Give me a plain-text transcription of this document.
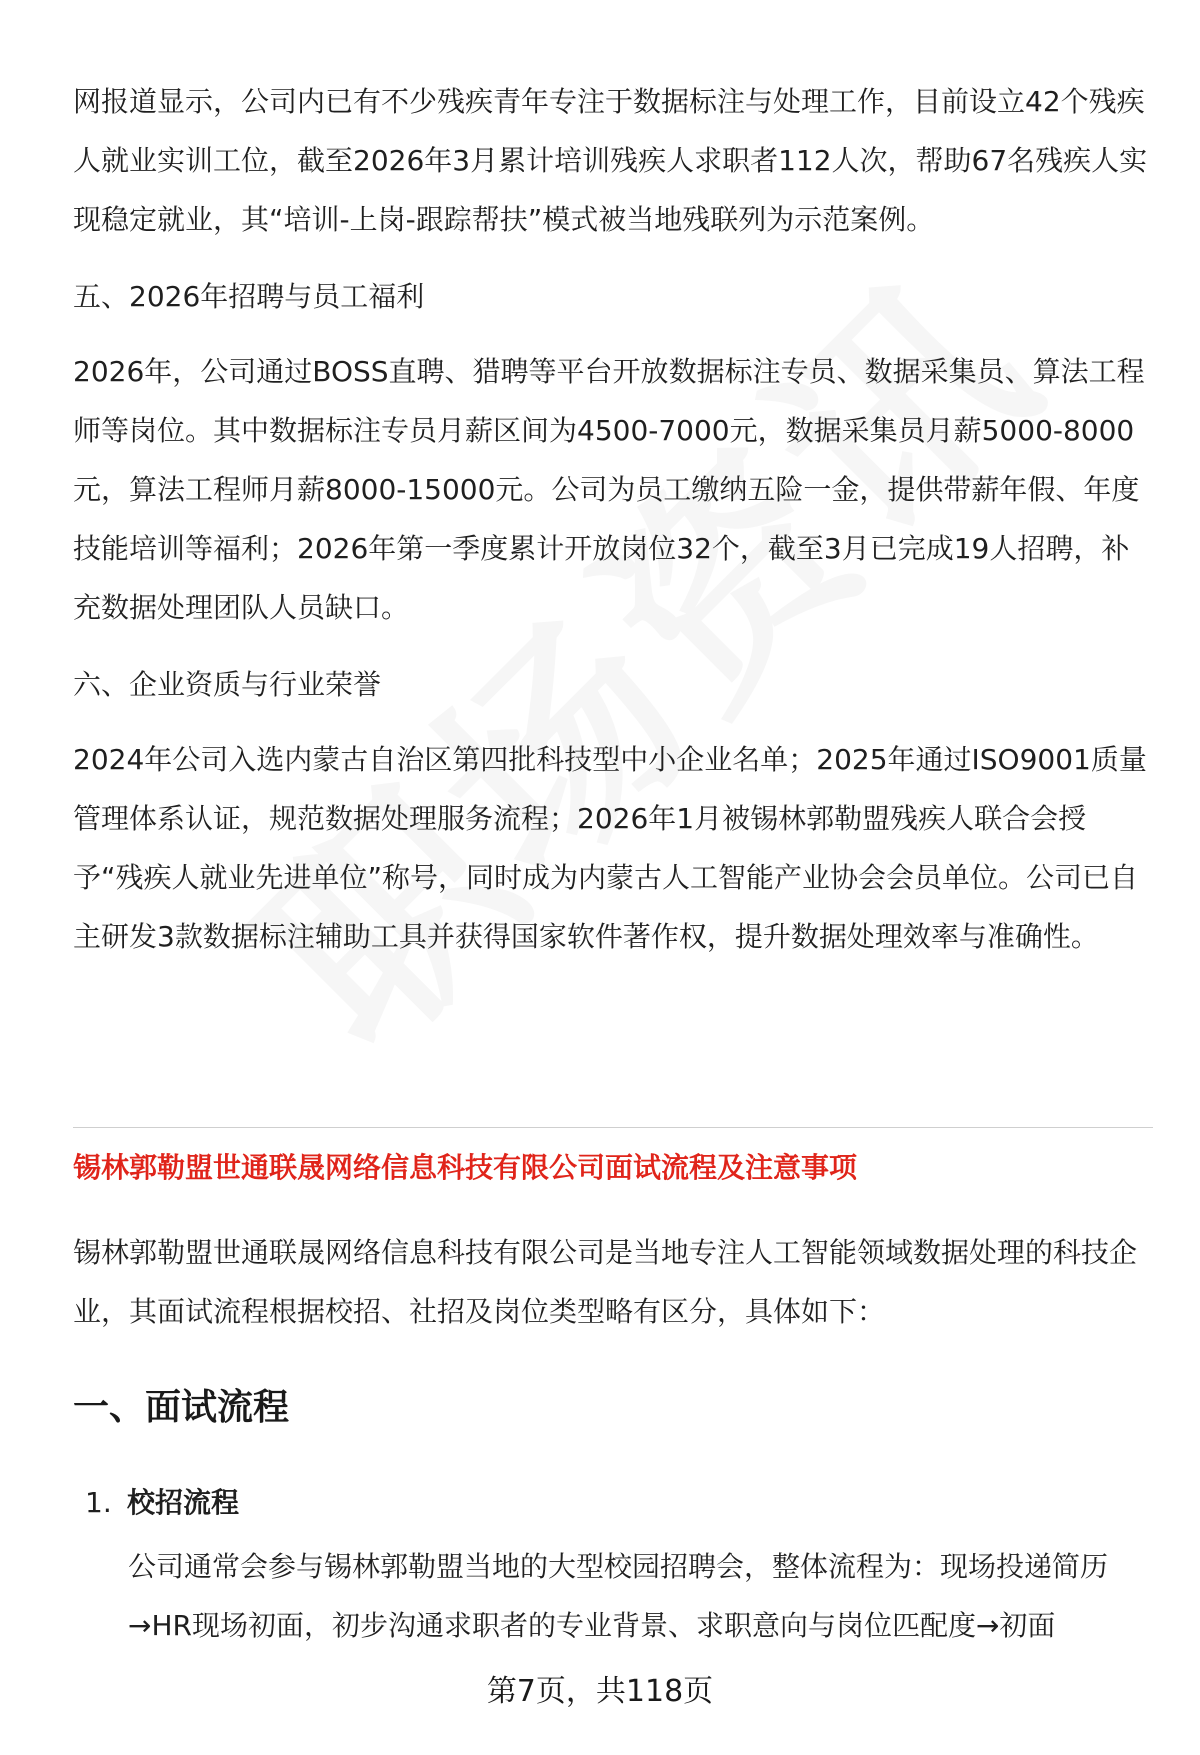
网报道显示，公司内已有不少残疾青年专注于数据标注与处理工作，目前设立42个残疾人就业实训工位，截至2026年3月累计培训残疾人求职者112人次，帮助67名残疾人实现稳定就业，其“培训-上岗-跟踪帮扶”模式被当地残联列为示范案例。

五、2026年招聘与员工福利

2026年，公司通过BOSS直聘、猎聘等平台开放数据标注专员、数据采集员、算法工程师等岗位。其中数据标注专员月薪区间为4500-7000元，数据采集员月薪5000-8000元，算法工程师月薪8000-15000元。公司为员工缴纳五险一金，提供带薪年假、年度技能培训等福利；2026年第一季度累计开放岗位32个，截至3月已完成19人招聘，补充数据处理团队人员缺口。

六、企业资质与行业荣誉

2024年公司入选内蒙古自治区第四批科技型中小企业名单；2025年通过ISO9001质量管理体系认证，规范数据处理服务流程；2026年1月被锡林郭勒盟残疾人联合会授予“残疾人就业先进单位”称号，同时成为内蒙古人工智能产业协会会员单位。公司已自主研发3款数据标注辅助工具并获得国家软件著作权，提升数据处理效率与准确性。

锡林郭勒盟世通联晟网络信息科技有限公司面试流程及注意事项

锡林郭勒盟世通联晟网络信息科技有限公司是当地专注人工智能领域数据处理的科技企业，其面试流程根据校招、社招及岗位类型略有区分，具体如下：

一、面试流程
1. 校招流程

公司通常会参与锡林郭勒盟当地的大型校园招聘会，整体流程为：现场投递简历→HR现场初面，初步沟通求职者的专业背景、求职意向与岗位匹配度→初面

第7页，共118页
